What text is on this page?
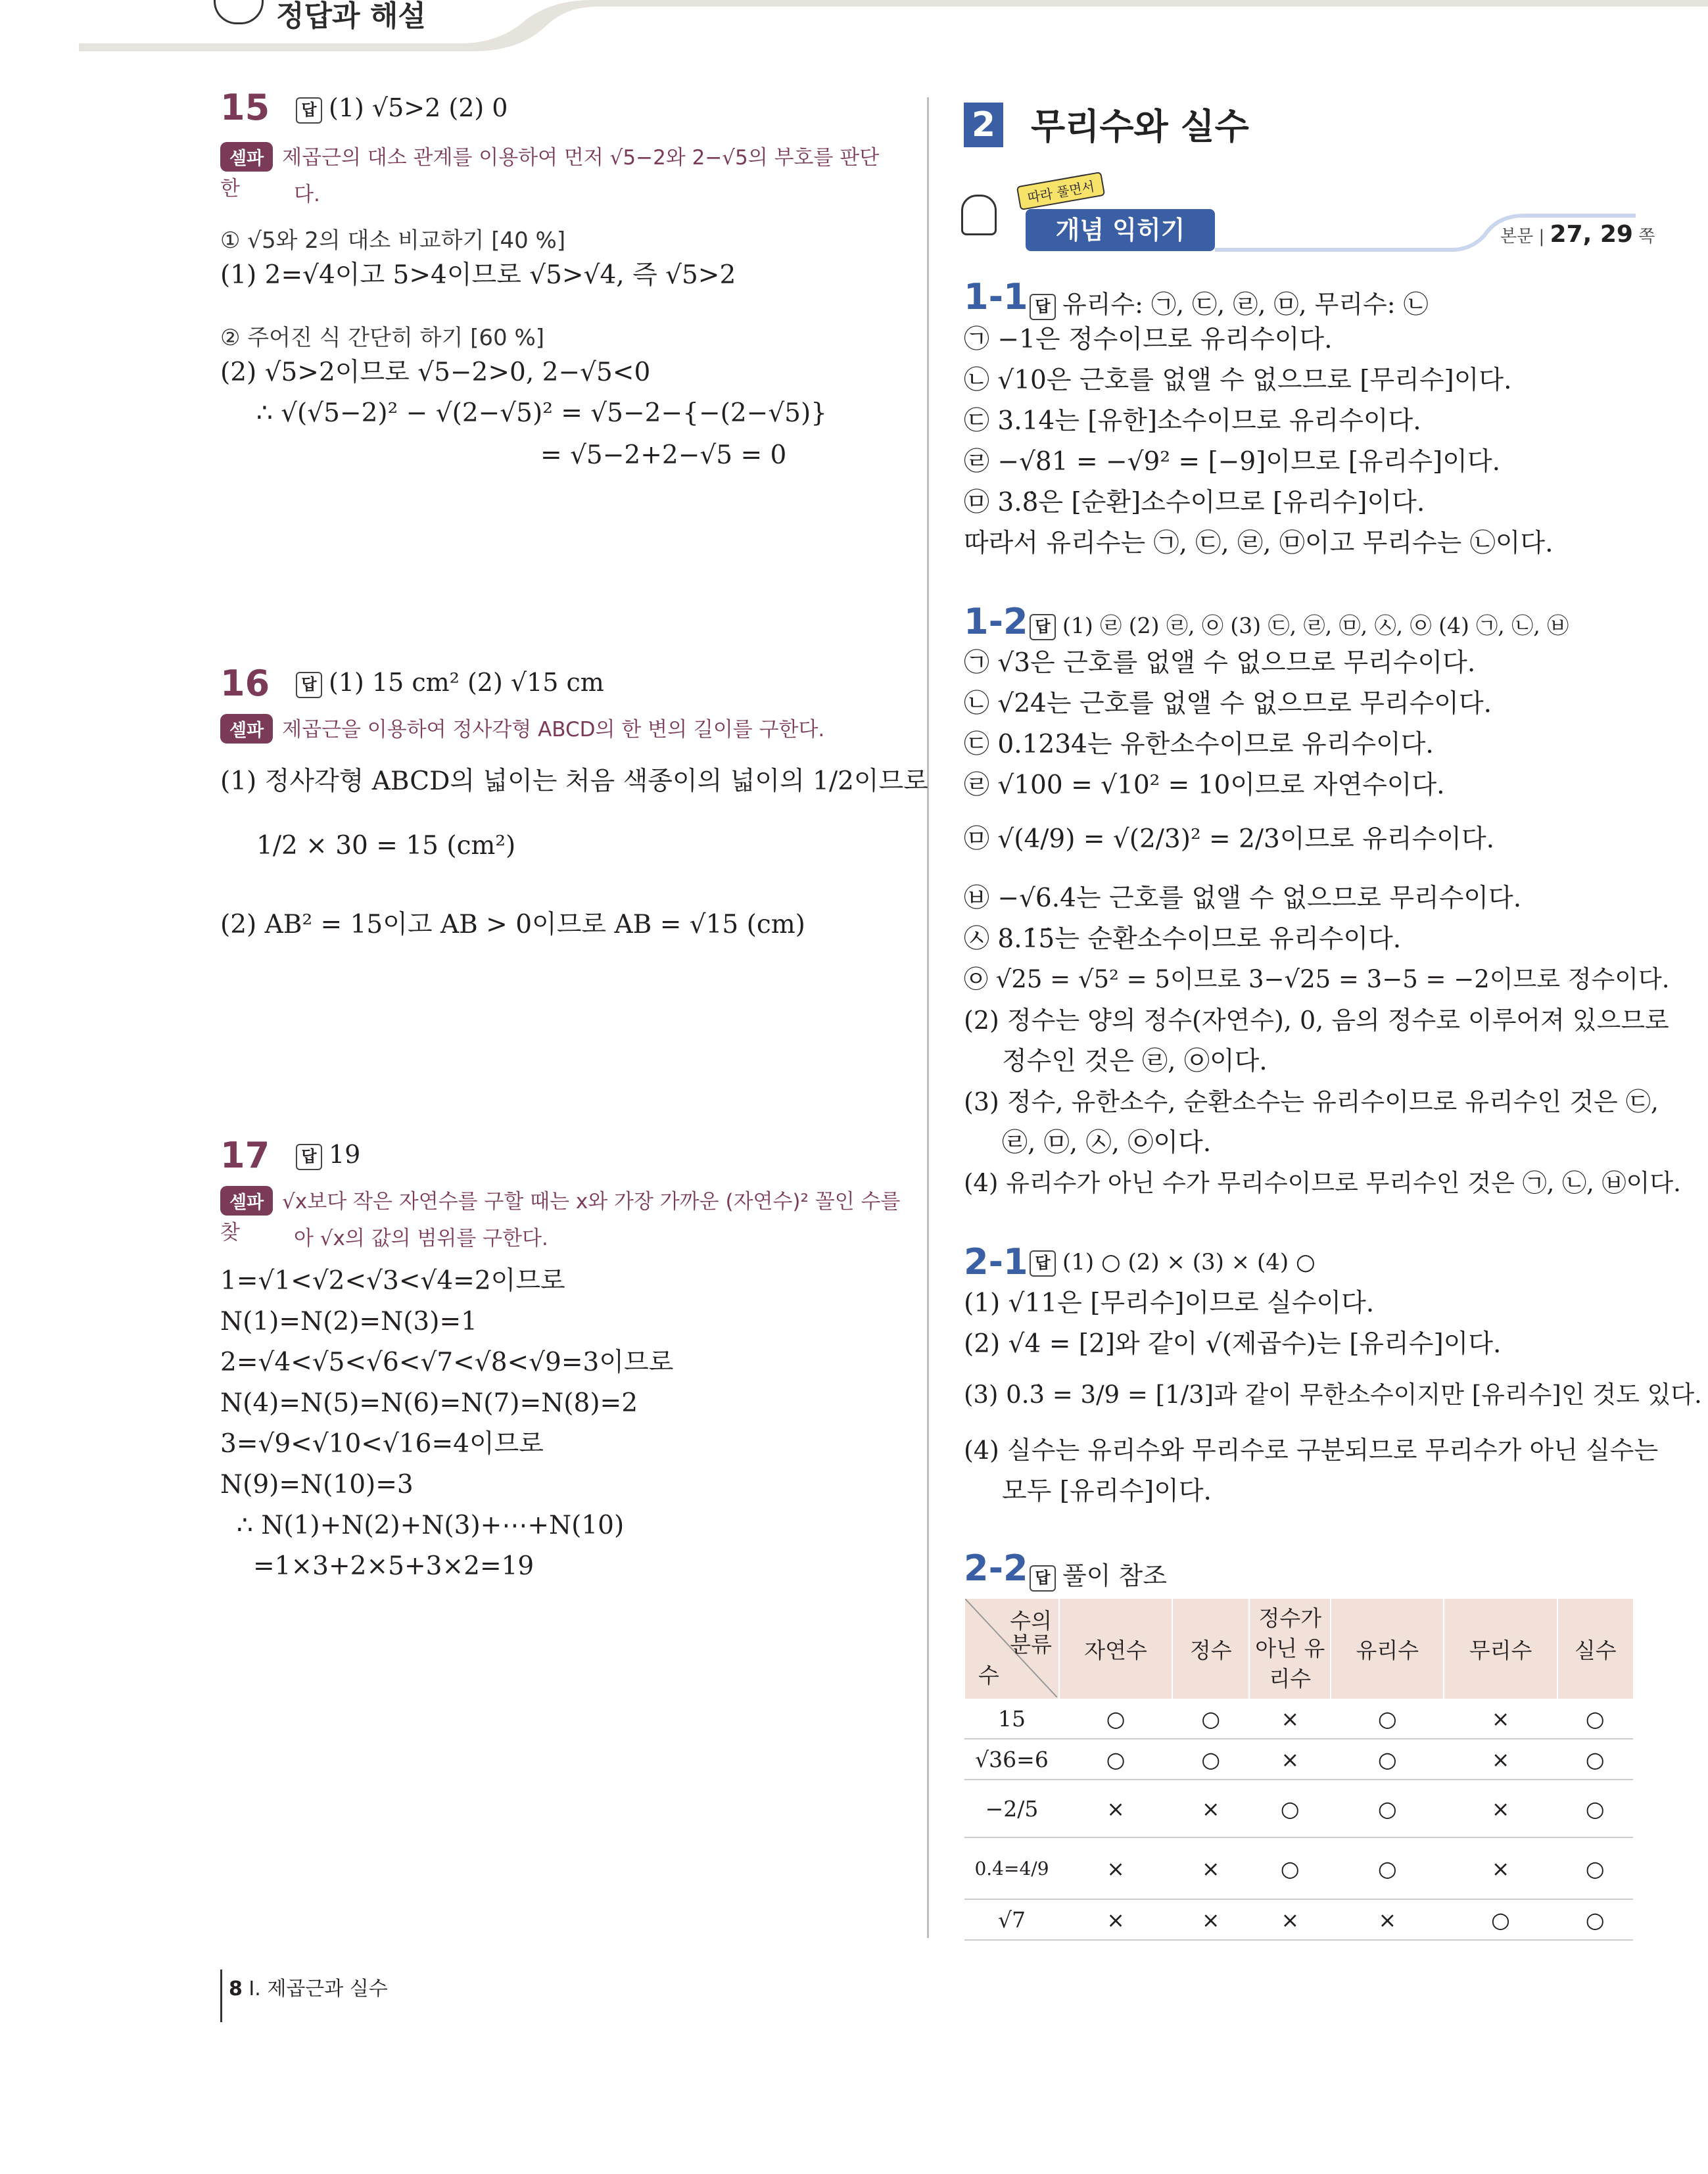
정답과 해설
15	답 (1) √5>2 (2) 0
셀파 제곱근의 대소 관계를 이용하여 먼저 √5−2와 2−√5의 부호를 판단한	다.
① √5와 2의 대소 비교하기 [40 %]
(1) 2=√4이고 5>4이므로 √5>√4, 즉 √5>2
② 주어진 식 간단히 하기 [60 %]
(2) √5>2이므로 √5−2>0, 2−√5<0
∴ √(√5−2)² − √(2−√5)² = √5−2−{−(2−√5)}
= √5−2+2−√5 = 0
16	답 (1) 15 cm² (2) √15 cm
셀파 제곱근을 이용하여 정사각형 ABCD의 한 변의 길이를 구한다.
(1) 정사각형 ABCD의 넓이는 처음 색종이의 넓이의 1/2이므로
1/2 × 30 = 15 (cm²)
(2) AB² = 15이고 AB > 0이므로 AB = √15 (cm)
17	답 19
셀파 √x보다 작은 자연수를 구할 때는 x와 가장 가까운 (자연수)² 꼴인 수를 찾	아 √x의 값의 범위를 구한다.
1=√1<√2<√3<√4=2이므로
N(1)=N(2)=N(3)=1
2=√4<√5<√6<√7<√8<√9=3이므로
N(4)=N(5)=N(6)=N(7)=N(8)=2
3=√9<√10<√16=4이므로
N(9)=N(10)=3
∴ N(1)+N(2)+N(3)+⋯+N(10)
=1×3+2×5+3×2=19
2 무리수와 실수
따라 풀면서
개념 익히기	본문 | 27, 29 쪽
1-1 답 유리수: ㉠, ㉢, ㉣, ㉤, 무리수: ㉡
㉠ −1은 정수이므로 유리수이다.
㉡ √10은 근호를 없앨 수 없으므로 [무리수]이다.
㉢ 3.14는 [유한]소수이므로 유리수이다.
㉣ −√81 = −√9² = [−9]이므로 [유리수]이다.
㉤ 3.8̇은 [순환]소수이므로 [유리수]이다.
따라서 유리수는 ㉠, ㉢, ㉣, ㉤이고 무리수는 ㉡이다.
1-2 답 (1) ㉣ (2) ㉣, ㉧ (3) ㉢, ㉣, ㉤, ㉦, ㉧ (4) ㉠, ㉡, ㉥
㉠ √3은 근호를 없앨 수 없으므로 무리수이다.
㉡ √24는 근호를 없앨 수 없으므로 무리수이다.
㉢ 0.1234는 유한소수이므로 유리수이다.
㉣ √100 = √10² = 10이므로 자연수이다.
㉤ √(4/9) = √(2/3)² = 2/3이므로 유리수이다.
㉥ −√6.4는 근호를 없앨 수 없으므로 무리수이다.
㉦ 8.1̇5̇는 순환소수이므로 유리수이다.
㉧ √25 = √5² = 5이므로 3−√25 = 3−5 = −2이므로 정수이다.
(2) 정수는 양의 정수(자연수), 0, 음의 정수로 이루어져 있으므로
정수인 것은 ㉣, ㉧이다.
(3) 정수, 유한소수, 순환소수는 유리수이므로 유리수인 것은 ㉢,
㉣, ㉤, ㉦, ㉧이다.
(4) 유리수가 아닌 수가 무리수이므로 무리수인 것은 ㉠, ㉡, ㉥이다.
2-1 답 (1) ○ (2) × (3) × (4) ○
(1) √11은 [무리수]이므로 실수이다.
(2) √4 = [2]와 같이 √(제곱수)는 [유리수]이다.
(3) 0.3̇ = 3/9 = [1/3]과 같이 무한소수이지만 [유리수]인 것도 있다.
(4) 실수는 유리수와 무리수로 구분되므로 무리수가 아닌 실수는
모두 [유리수]이다.
2-2 답 풀이 참조
수의
분류
수	자연수	정수	정수가 아닌 유리수	유리수	무리수	실수
15	○	○	×	○	×	○
√36=6	○	○	×	○	×	○
−2/5	×	×	○	○	×	○
0.4̇=4/9	×	×	○	○	×	○
√7	×	×	×	×	○	○
8 I. 제곱근과 실수
